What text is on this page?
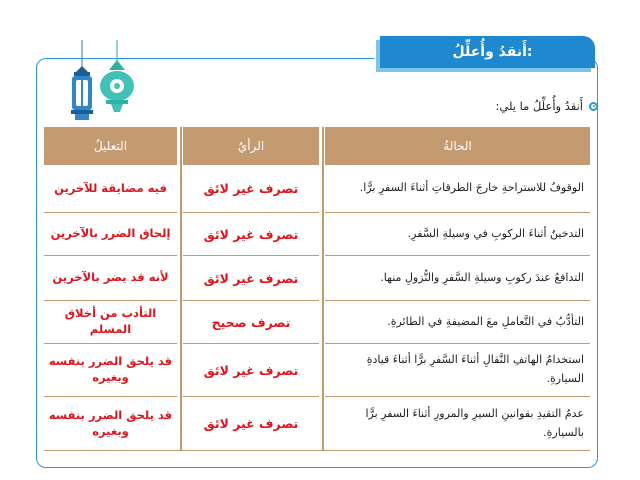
أَنقدُ وأُعلِّلُ:
أَنقدُ وأُعلِّلُ ما يلي:
الحالةُ
الرأيُ
التعليلُ
الوقوفُ للاستراحةِ خارجَ الطرقاتِ أثناءَ السفرِ برًّا.
تصرف غير لائق
فيه مضايقة للآخرين
التدخينُ أثناءَ الركوبِ في وسيلةِ السَّفرِ.
تصرف غير لائق
إلحاق الضرر بالآخرين
التدافعُ عندَ ركوبِ وسيلةِ السَّفرِ والنُّزولِ منها.
تصرف غير لائق
لأنه قد يضر بالآخرين
التأدُّبُ في التَّعاملِ معَ المضيفةِ في الطائرةِ.
تصرف صحيح
التأدب من أخلاق المسلم
استخدامُ الهاتفِ النَّقالِ أثناءَ السَّفرِ برًّا أثناءَ قيادةِ السيارةِ.
تصرف غير لائق
قد يلحق الضرر بنفسه وبغيره
عدمُ التقيدِ بقوانينِ السيرِ والمرورِ أثناءَ السفرِ برًّا بالسيارةِ.
تصرف غير لائق
قد يلحق الضرر بنفسه وبغيره
